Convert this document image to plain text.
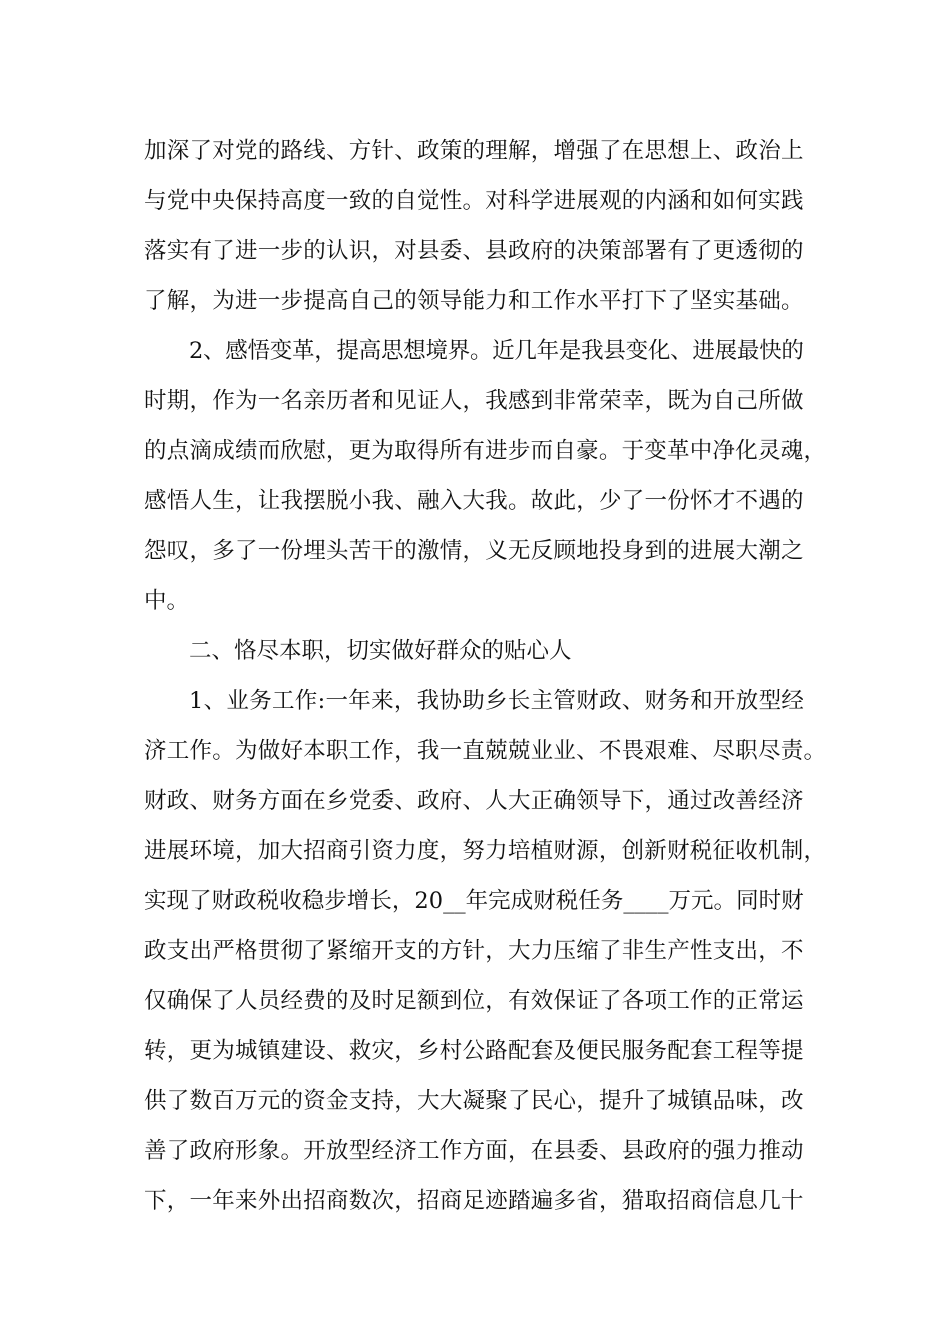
加深了对党的路线、方针、政策的理解，增强了在思想上、政治上
与党中央保持高度一致的自觉性。对科学进展观的内涵和如何实践
落实有了进一步的认识，对县委、县政府的决策部署有了更透彻的
了解，为进一步提高自己的领导能力和工作水平打下了坚实基础。
2、感悟变革，提高思想境界。近几年是我县变化、进展最快的
时期，作为一名亲历者和见证人，我感到非常荣幸，既为自己所做
的点滴成绩而欣慰，更为取得所有进步而自豪。于变革中净化灵魂，
感悟人生，让我摆脱小我、融入大我。故此，少了一份怀才不遇的
怨叹，多了一份埋头苦干的激情，义无反顾地投身到的进展大潮之
中。
二、恪尽本职，切实做好群众的贴心人
1、业务工作:一年来，我协助乡长主管财政、财务和开放型经
济工作。为做好本职工作，我一直兢兢业业、不畏艰难、尽职尽责。
财政、财务方面在乡党委、政府、人大正确领导下，通过改善经济
进展环境，加大招商引资力度，努力培植财源，创新财税征收机制，
实现了财政税收稳步增长，20__年完成财税任务____万元。同时财
政支出严格贯彻了紧缩开支的方针，大力压缩了非生产性支出，不
仅确保了人员经费的及时足额到位，有效保证了各项工作的正常运
转，更为城镇建设、救灾，乡村公路配套及便民服务配套工程等提
供了数百万元的资金支持，大大凝聚了民心，提升了城镇品味，改
善了政府形象。开放型经济工作方面，在县委、县政府的强力推动
下，一年来外出招商数次，招商足迹踏遍多省，猎取招商信息几十
